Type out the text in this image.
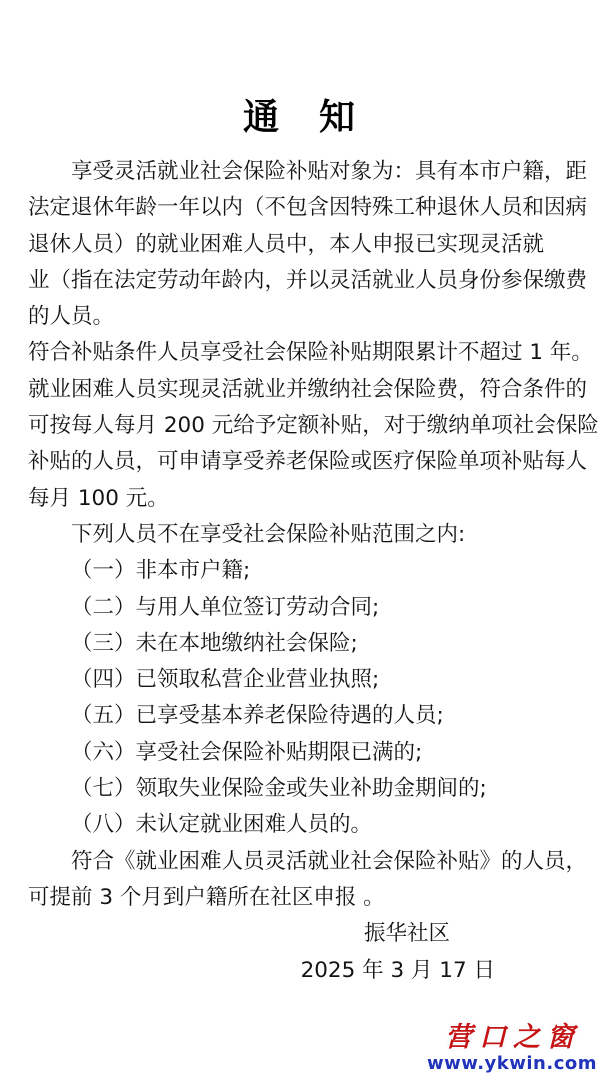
通　知
享受灵活就业社会保险补贴对象为：具有本市户籍，距
法定退休年龄一年以内（不包含因特殊工种退休人员和因病
退休人员）的就业困难人员中，本人申报已实现灵活就
业（指在法定劳动年龄内，并以灵活就业人员身份参保缴费
的人员。
符合补贴条件人员享受社会保险补贴期限累计不超过 1 年。
就业困难人员实现灵活就业并缴纳社会保险费，符合条件的
可按每人每月 200 元给予定额补贴，对于缴纳单项社会保险
补贴的人员，可申请享受养老保险或医疗保险单项补贴每人
每月 100 元。
下列人员不在享受社会保险补贴范围之内:
（一）非本市户籍;
（二）与用人单位签订劳动合同;
（三）未在本地缴纳社会保险;
（四）已领取私营企业营业执照;
（五）已享受基本养老保险待遇的人员;
（六）享受社会保险补贴期限已满的;
（七）领取失业保险金或失业补助金期间的;
（八）未认定就业困难人员的。
符合《就业困难人员灵活就业社会保险补贴》的人员，
可提前 3 个月到户籍所在社区申报 。
振华社区
2025 年 3 月 17 日
营口之窗
www.ykwin.com
